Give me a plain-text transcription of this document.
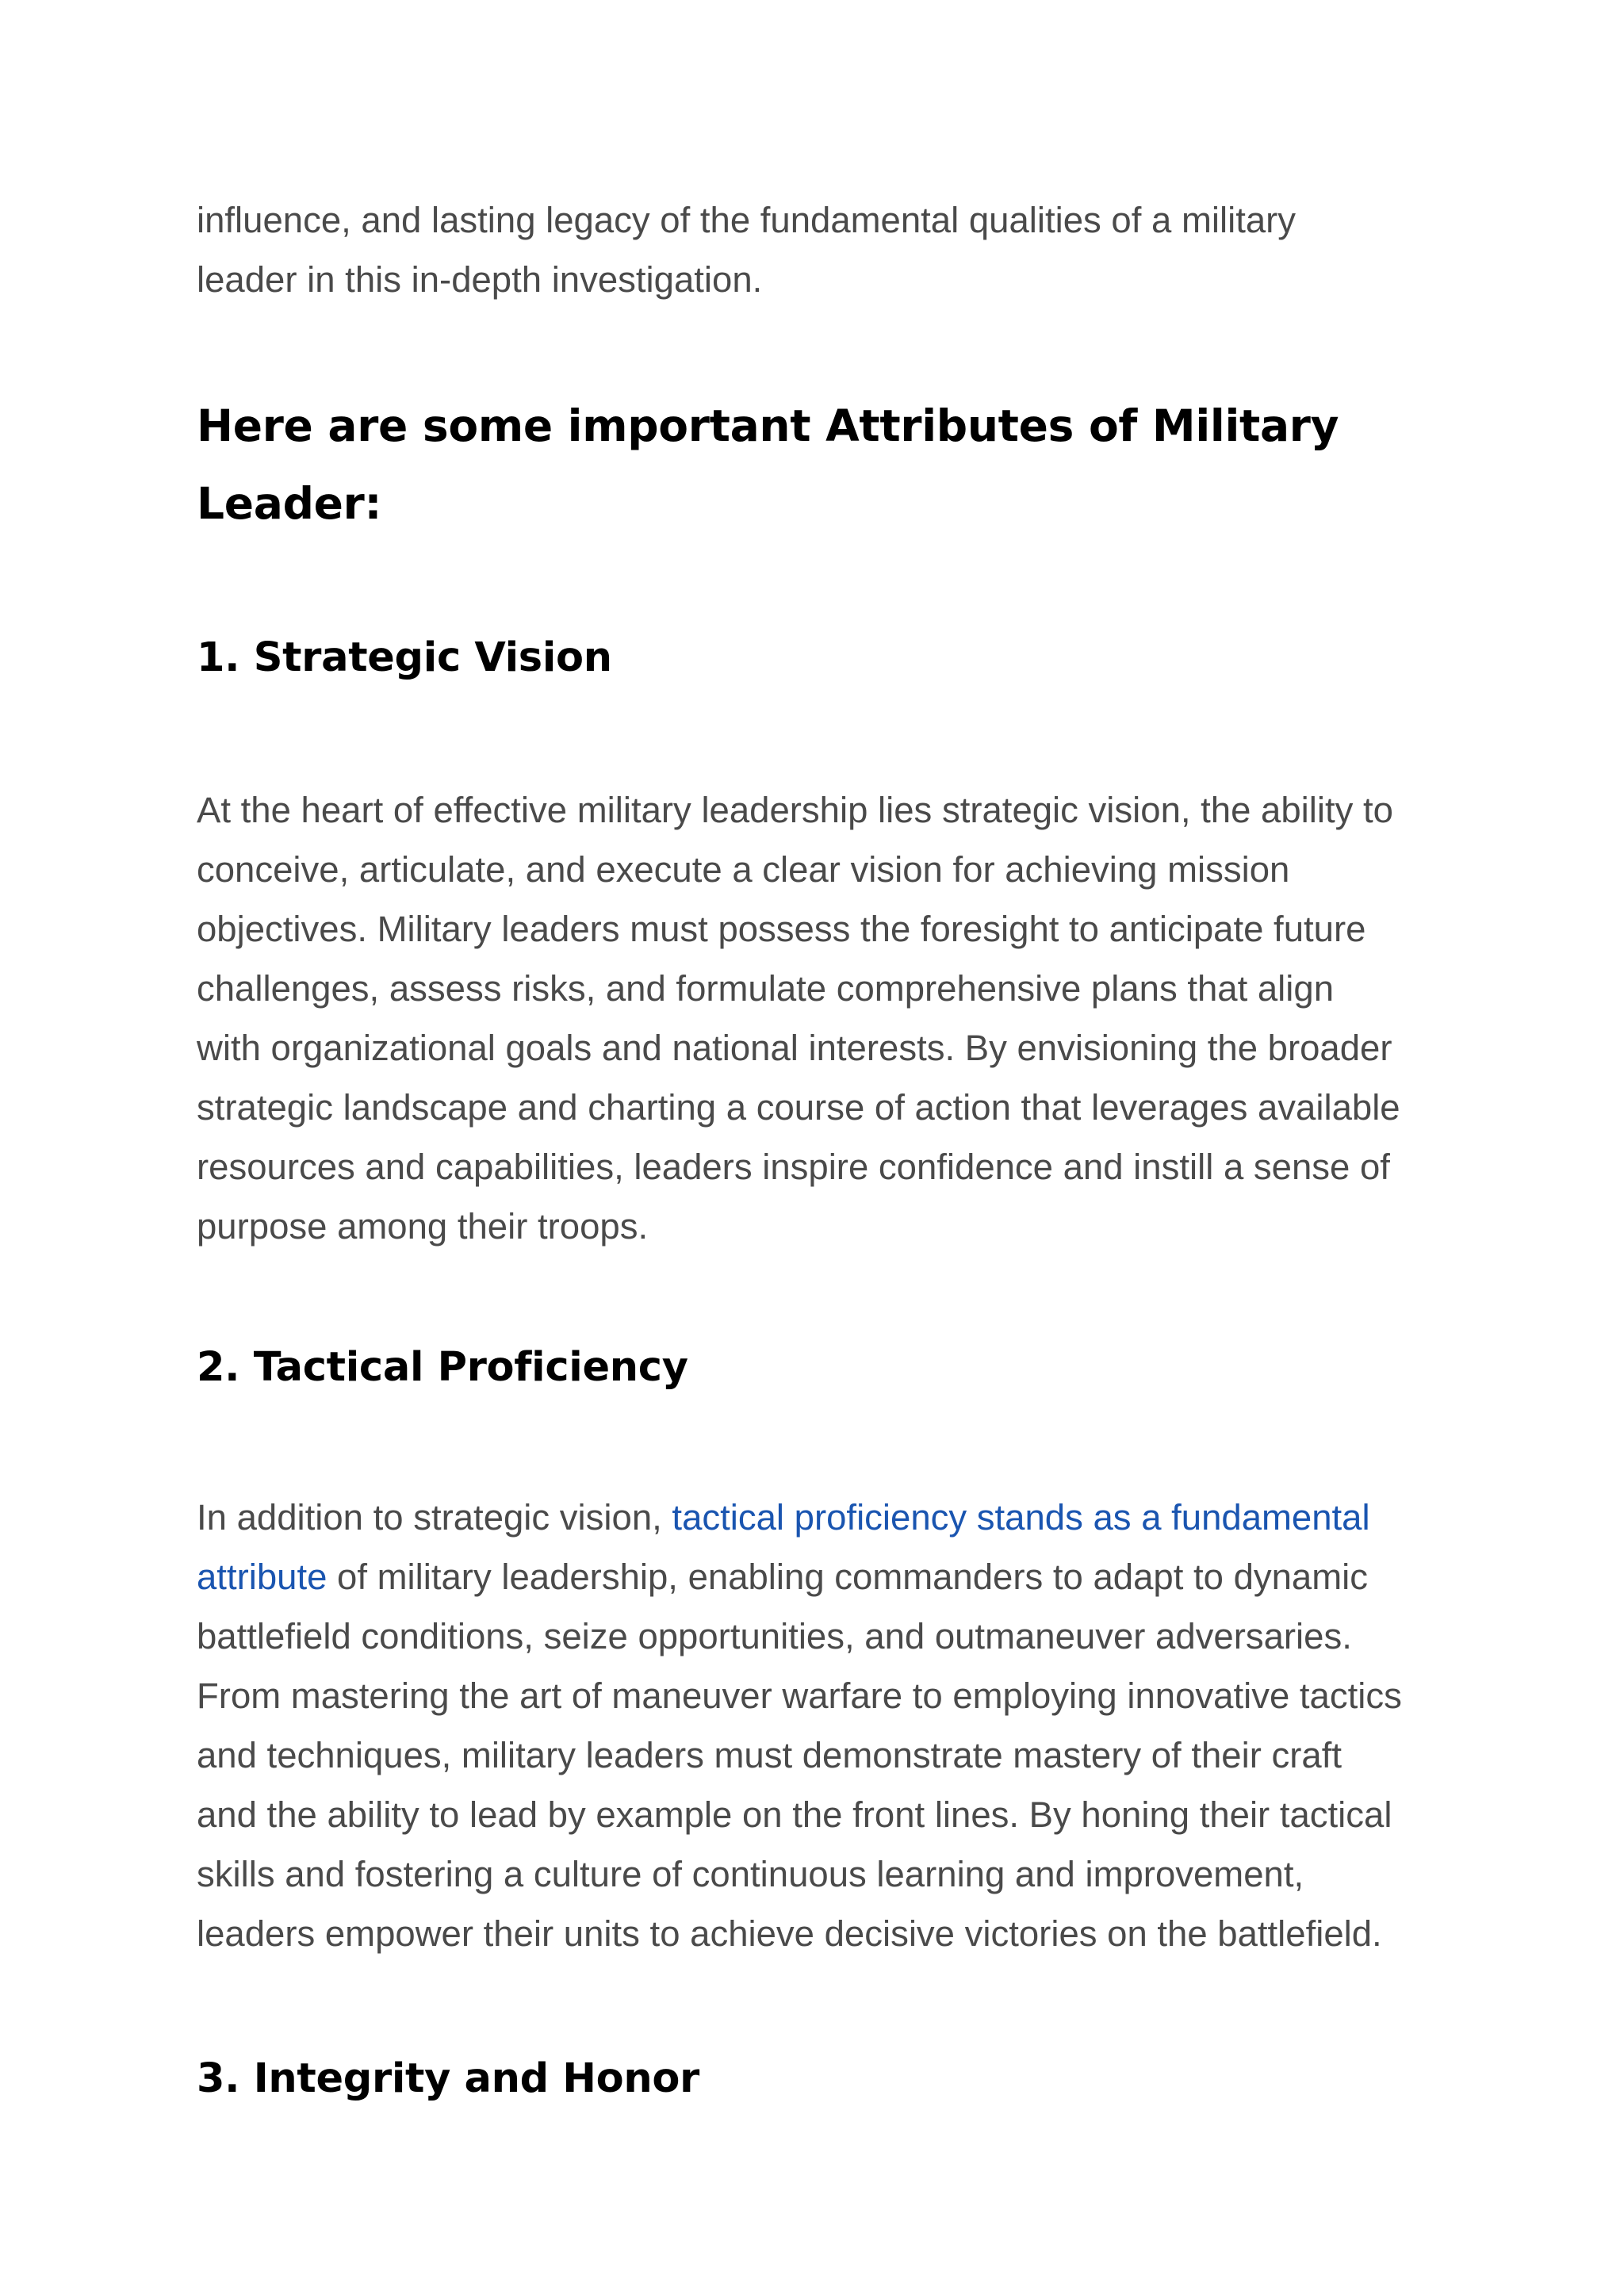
influence, and lasting legacy of the fundamental qualities of a military
leader in this in-depth investigation.

Here are some important Attributes of Military
Leader:
1. Strategic Vision

At the heart of effective military leadership lies strategic vision, the ability to
conceive, articulate, and execute a clear vision for achieving mission
objectives. Military leaders must possess the foresight to anticipate future
challenges, assess risks, and formulate comprehensive plans that align
with organizational goals and national interests. By envisioning the broader
strategic landscape and charting a course of action that leverages available
resources and capabilities, leaders inspire confidence and instill a sense of
purpose among their troops.

2. Tactical Proficiency

In addition to strategic vision, tactical proficiency stands as a fundamental
attribute of military leadership, enabling commanders to adapt to dynamic
battlefield conditions, seize opportunities, and outmaneuver adversaries.
From mastering the art of maneuver warfare to employing innovative tactics
and techniques, military leaders must demonstrate mastery of their craft
and the ability to lead by example on the front lines. By honing their tactical
skills and fostering a culture of continuous learning and improvement,
leaders empower their units to achieve decisive victories on the battlefield.

3. Integrity and Honor
